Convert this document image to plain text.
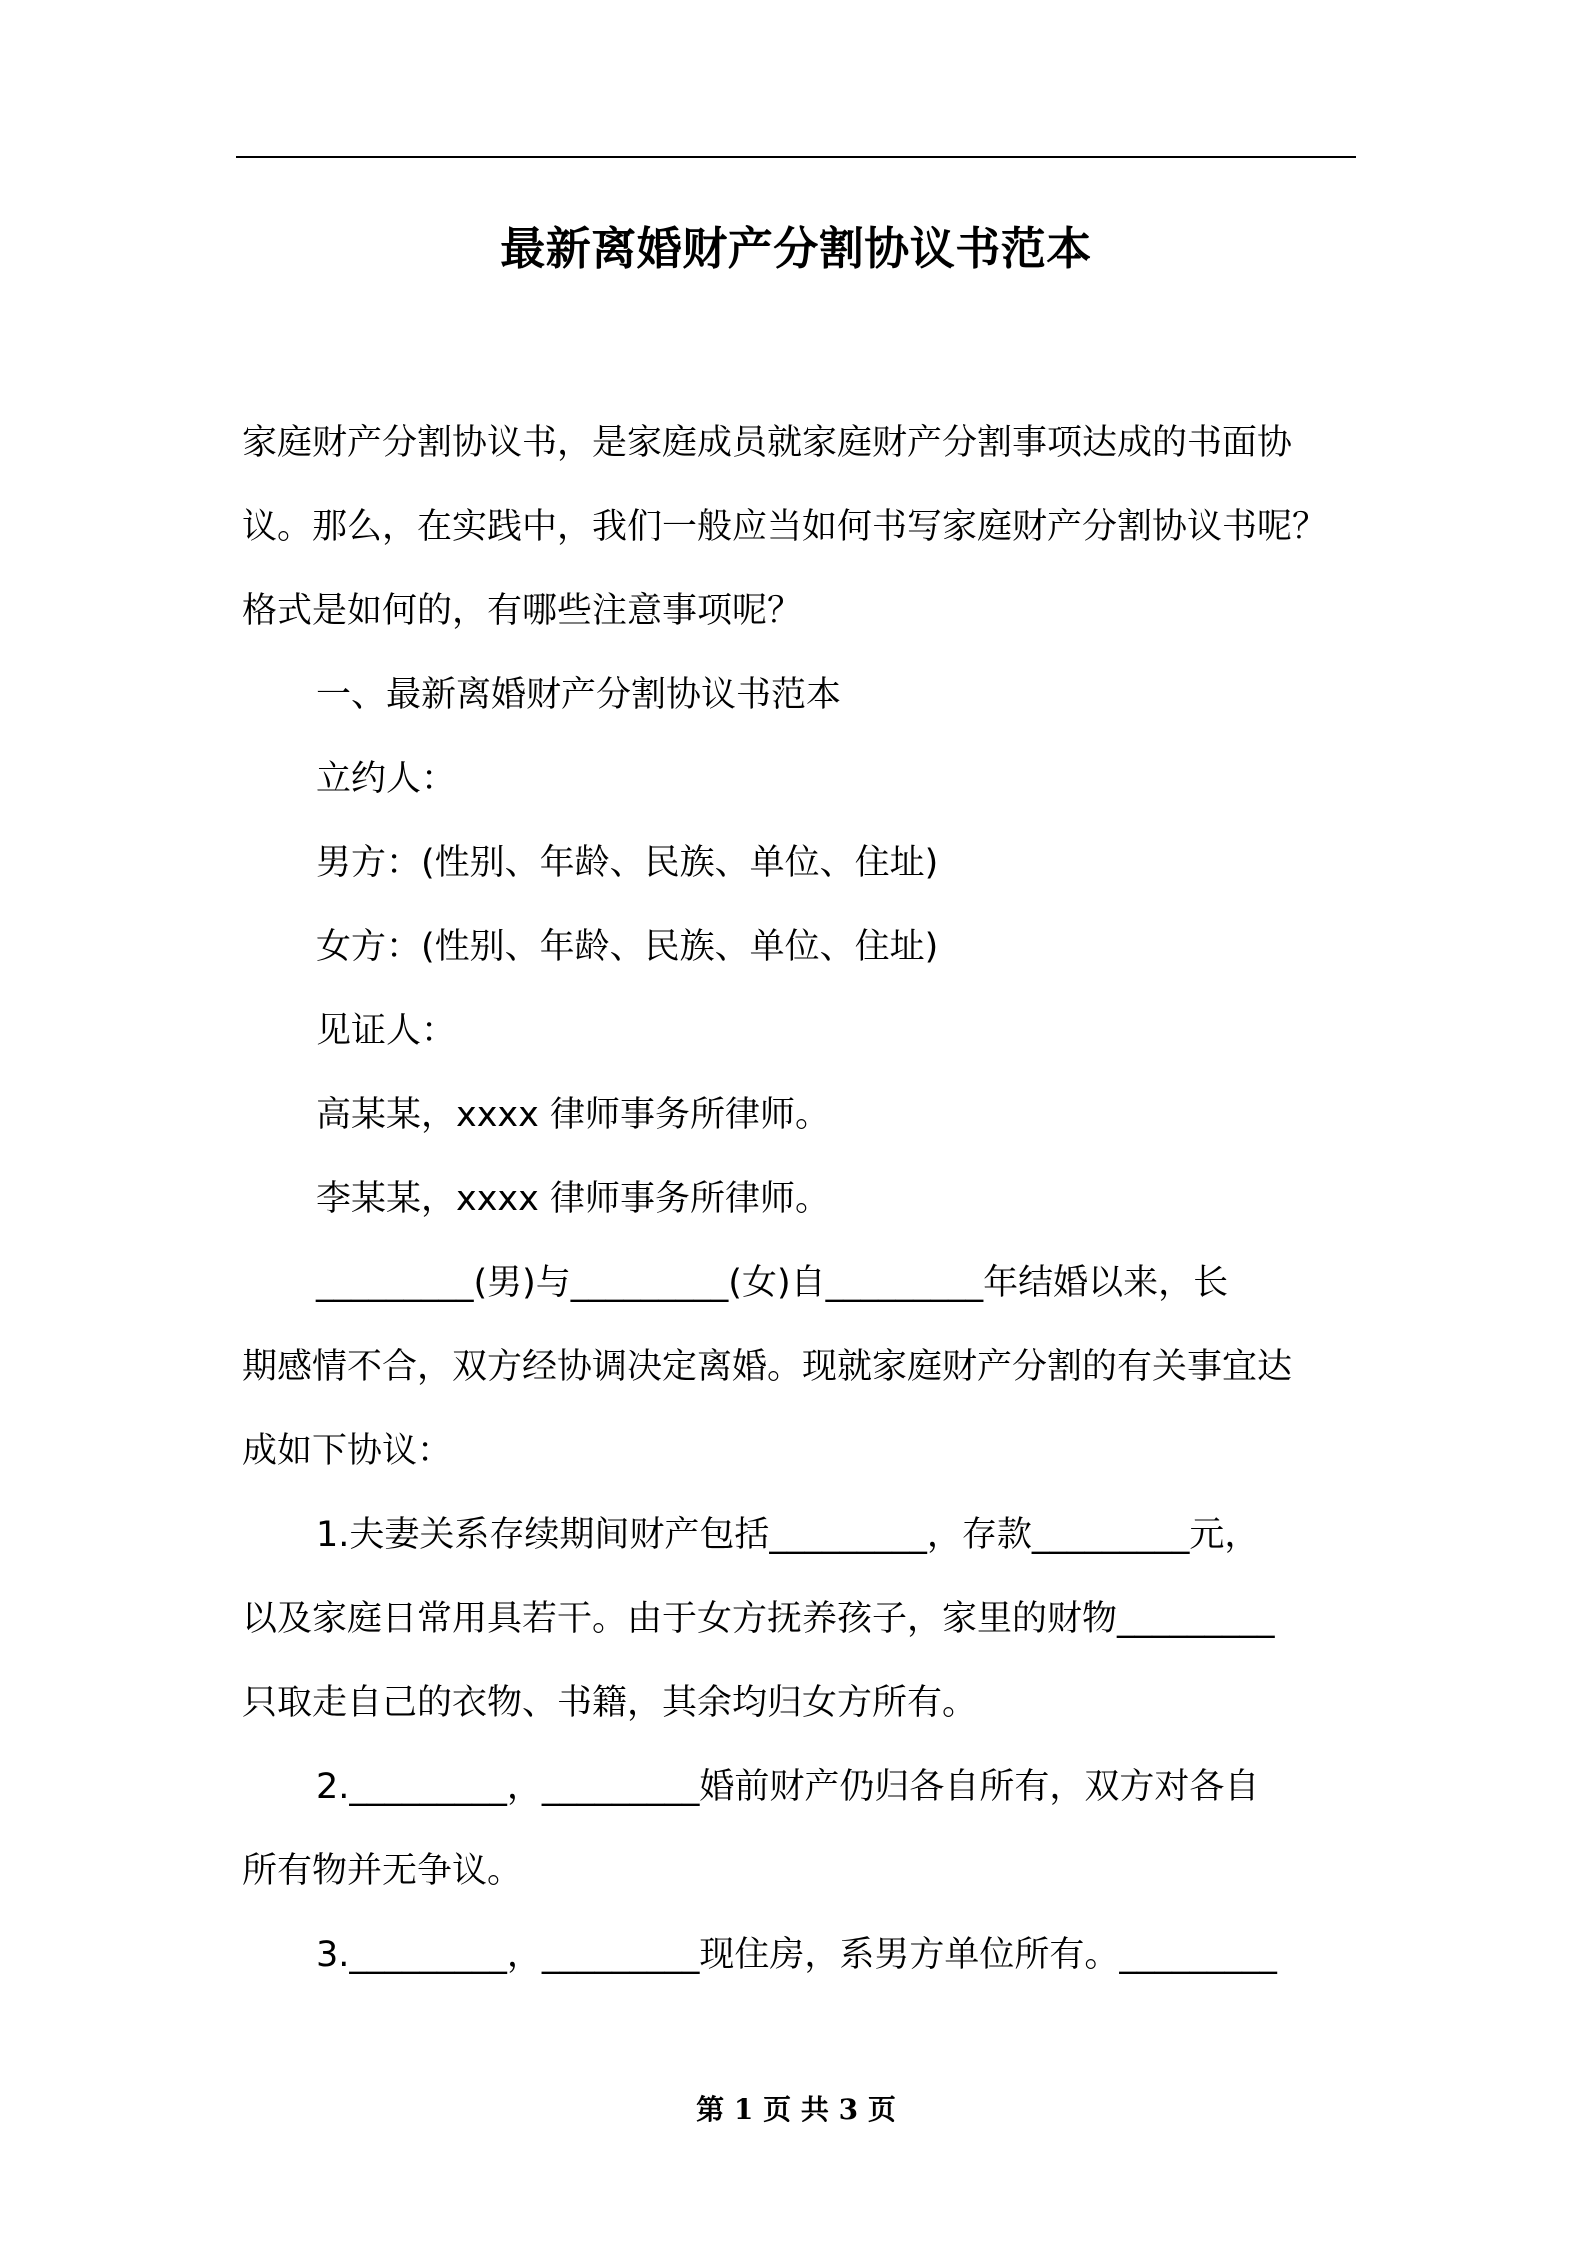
最新离婚财产分割协议书范本

家庭财产分割协议书，是家庭成员就家庭财产分割事项达成的书面协

议。那么，在实践中，我们一般应当如何书写家庭财产分割协议书呢？

格式是如何的，有哪些注意事项呢？

一、最新离婚财产分割协议书范本

立约人：

男方：(性别、年龄、民族、单位、住址)

女方：(性别、年龄、民族、单位、住址)

见证人：

高某某，xxxx 律师事务所律师。

李某某，xxxx 律师事务所律师。

_________(男)与_________(女)自_________年结婚以来，长

期感情不合，双方经协调决定离婚。现就家庭财产分割的有关事宜达

成如下协议：

1.夫妻关系存续期间财产包括_________，存款_________元，

以及家庭日常用具若干。由于女方抚养孩子，家里的财物_________

只取走自己的衣物、书籍，其余均归女方所有。

2._________，_________婚前财产仍归各自所有，双方对各自

所有物并无争议。

3._________，_________现住房，系男方单位所有。_________

第 1 页 共 3 页
